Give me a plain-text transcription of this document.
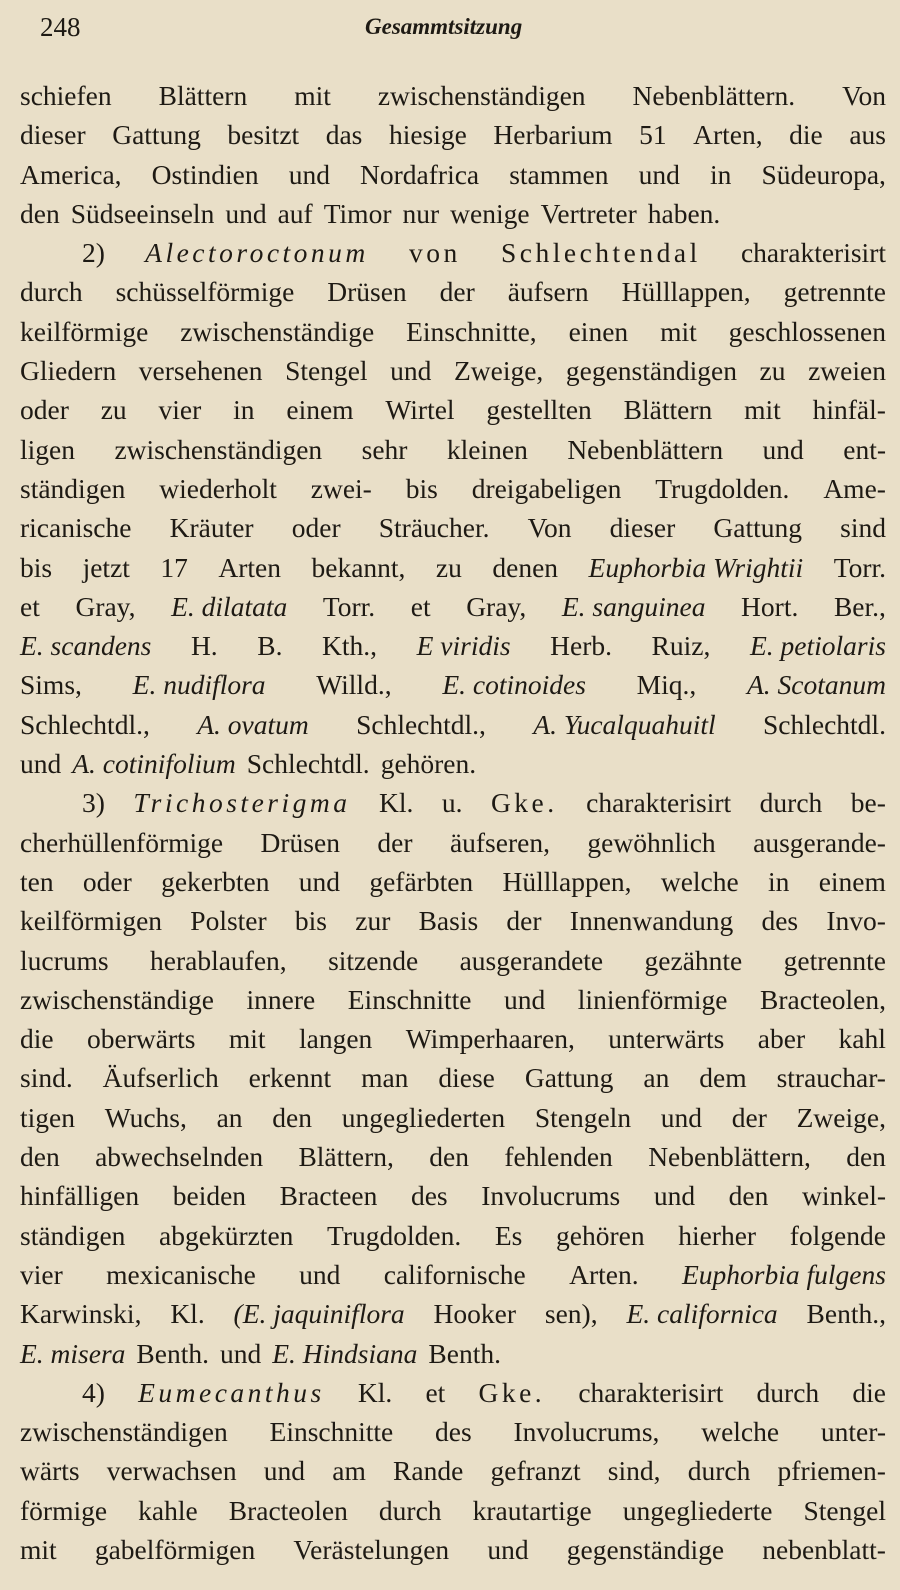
248	Gesammtsitzung
schiefen Blättern mit zwischenständigen Nebenblättern. Von
dieser Gattung besitzt das hiesige Herbarium 51 Arten, die aus
America, Ostindien und Nordafrica stammen und in Südeuropa,
den Südseeinseln und auf Timor nur wenige Vertreter haben.
2) Alectoroctonum von Schlechtendal charakterisirt
durch schüsselförmige Drüsen der äufsern Hülllappen, getrennte
keilförmige zwischenständige Einschnitte, einen mit geschlossenen
Gliedern versehenen Stengel und Zweige, gegenständigen zu zweien
oder zu vier in einem Wirtel gestellten Blättern mit hinfäl-
ligen zwischenständigen sehr kleinen Nebenblättern und ent-
ständigen wiederholt zwei- bis dreigabeligen Trugdolden. Ame-
ricanische Kräuter oder Sträucher. Von dieser Gattung sind
bis jetzt 17 Arten bekannt, zu denen Euphorbia Wrightii Torr.
et Gray, E. dilatata Torr. et Gray, E. sanguinea Hort. Ber.,
E. scandens H. B. Kth., E viridis Herb. Ruiz, E. petiolaris
Sims, E. nudiflora Willd., E. cotinoides Miq., A. Scotanum
Schlechtdl., A. ovatum Schlechtdl., A. Yucalquahuitl Schlechtdl.
und A. cotinifolium Schlechtdl. gehören.
3) Trichosterigma Kl. u. Gke. charakterisirt durch be-
cherhüllenförmige Drüsen der äufseren, gewöhnlich ausgerande-
ten oder gekerbten und gefärbten Hülllappen, welche in einem
keilförmigen Polster bis zur Basis der Innenwandung des Invo-
lucrums herablaufen, sitzende ausgerandete gezähnte getrennte
zwischenständige innere Einschnitte und linienförmige Bracteolen,
die oberwärts mit langen Wimperhaaren, unterwärts aber kahl
sind. Äufserlich erkennt man diese Gattung an dem strauchar-
tigen Wuchs, an den ungegliederten Stengeln und der Zweige,
den abwechselnden Blättern, den fehlenden Nebenblättern, den
hinfälligen beiden Bracteen des Involucrums und den winkel-
ständigen abgekürzten Trugdolden. Es gehören hierher folgende
vier mexicanische und californische Arten. Euphorbia fulgens
Karwinski, Kl. (E. jaquiniflora Hooker sen), E. californica Benth.,
E. misera Benth. und E. Hindsiana Benth.
4) Eumecanthus Kl. et Gke. charakterisirt durch die
zwischenständigen Einschnitte des Involucrums, welche unter-
wärts verwachsen und am Rande gefranzt sind, durch pfriemen-
förmige kahle Bracteolen durch krautartige ungegliederte Stengel
mit gabelförmigen Verästelungen und gegenständige nebenblatt-
